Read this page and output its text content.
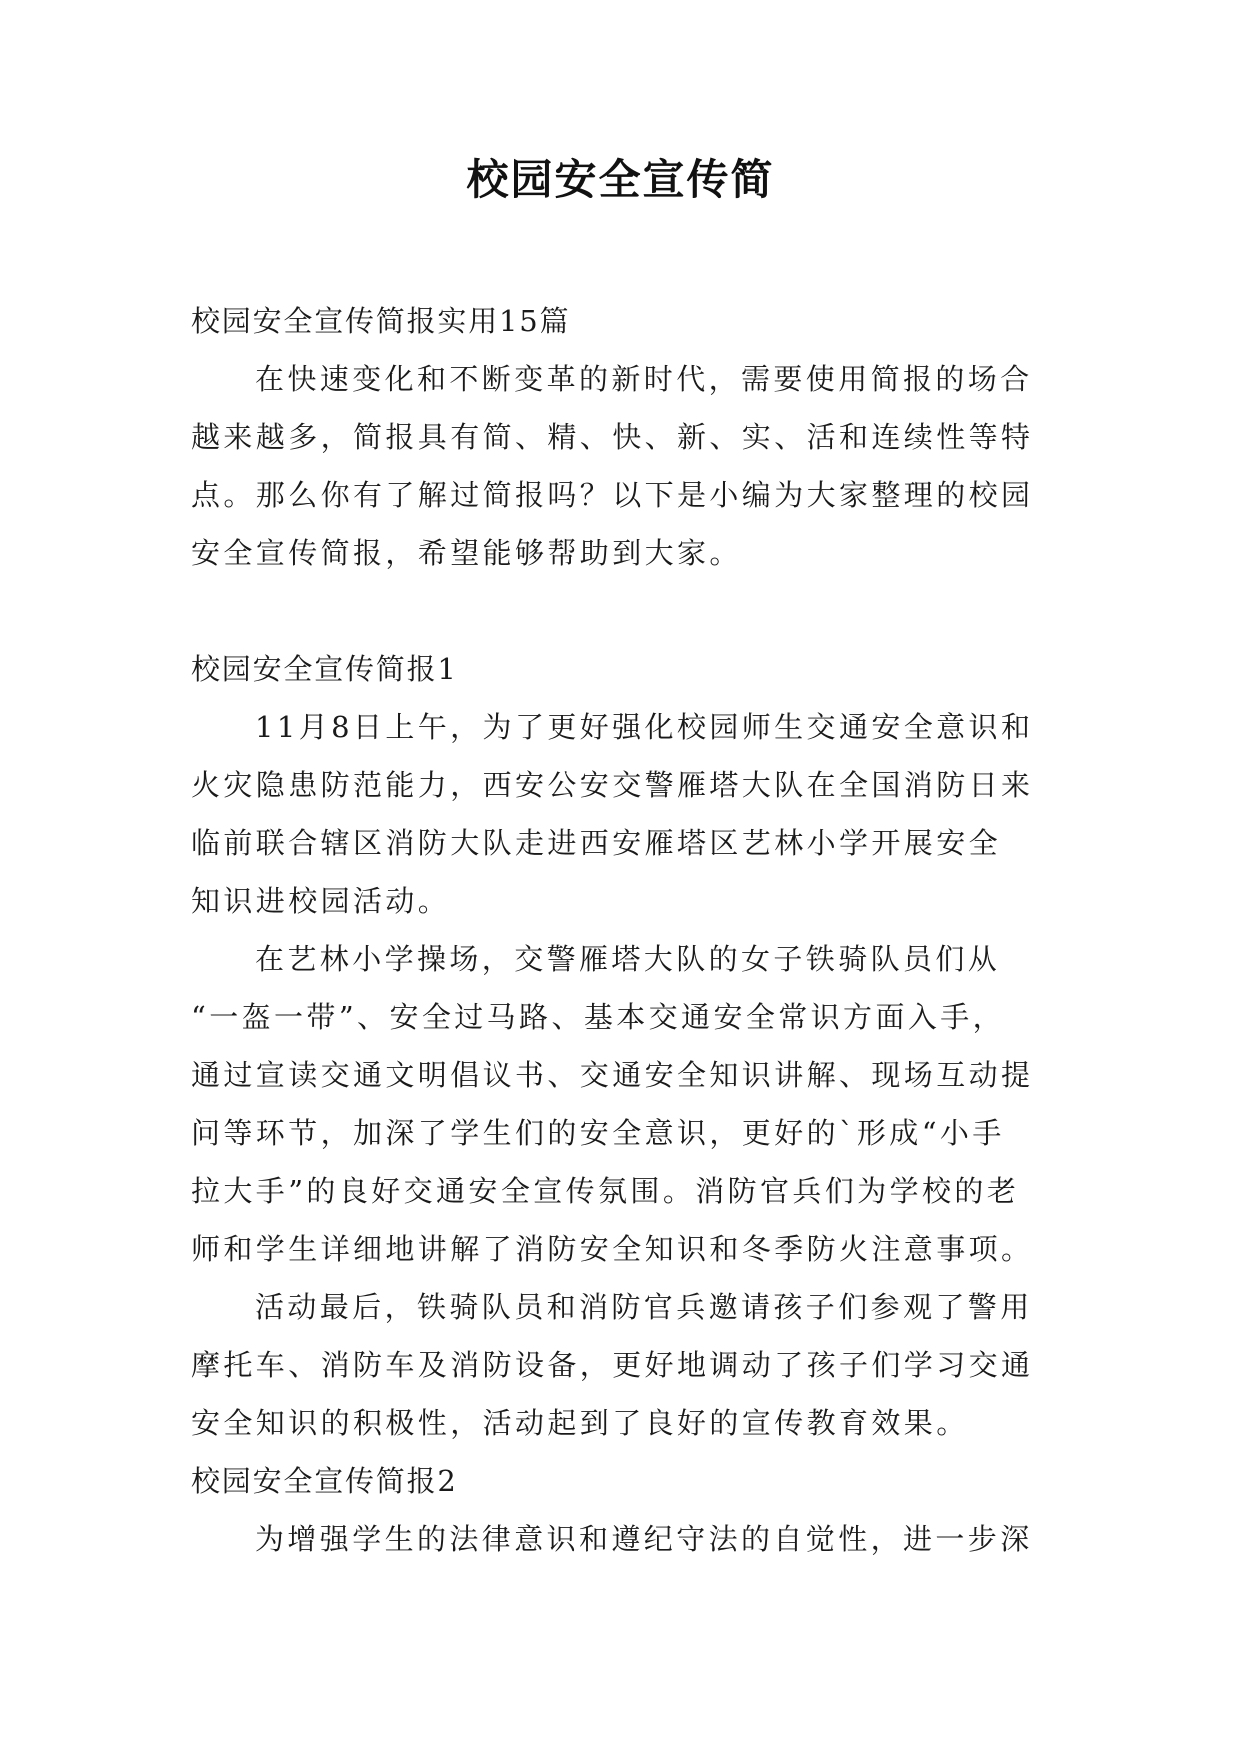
校园安全宣传简
校园安全宣传简报实用15篇
在快速变化和不断变革的新时代，需要使用简报的场合
越来越多，简报具有简、精、快、新、实、活和连续性等特
点。那么你有了解过简报吗？以下是小编为大家整理的校园
安全宣传简报，希望能够帮助到大家。
校园安全宣传简报1
11月8日上午，为了更好强化校园师生交通安全意识和
火灾隐患防范能力，西安公安交警雁塔大队在全国消防日来
临前联合辖区消防大队走进西安雁塔区艺林小学开展安全
知识进校园活动。
在艺林小学操场，交警雁塔大队的女子铁骑队员们从
“一盔一带”、安全过马路、基本交通安全常识方面入手，
通过宣读交通文明倡议书、交通安全知识讲解、现场互动提
问等环节，加深了学生们的安全意识，更好的`形成“小手
拉大手”的良好交通安全宣传氛围。消防官兵们为学校的老
师和学生详细地讲解了消防安全知识和冬季防火注意事项。
活动最后，铁骑队员和消防官兵邀请孩子们参观了警用
摩托车、消防车及消防设备，更好地调动了孩子们学习交通
安全知识的积极性，活动起到了良好的宣传教育效果。
校园安全宣传简报2
为增强学生的法律意识和遵纪守法的自觉性，进一步深
